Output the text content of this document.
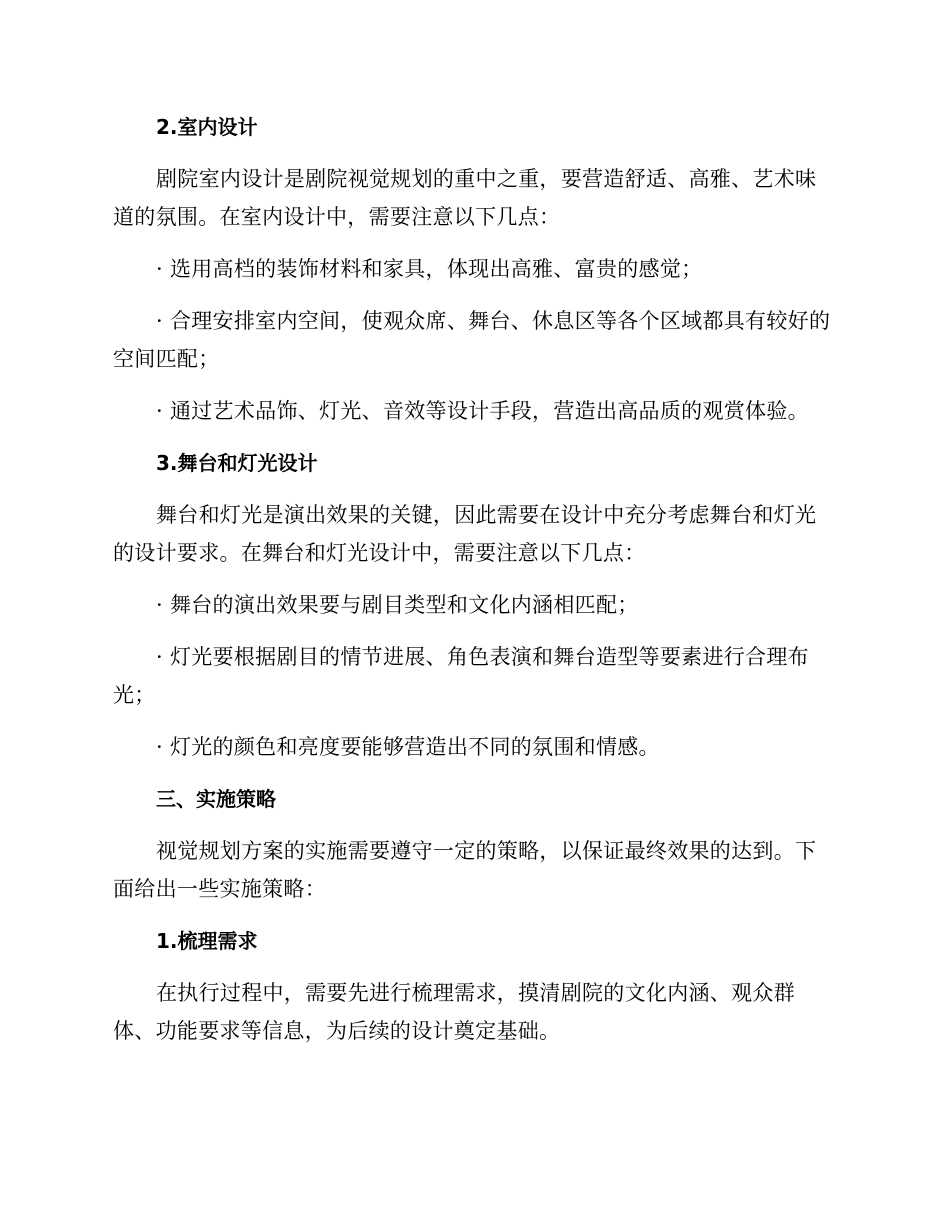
2.室内设计
剧院室内设计是剧院视觉规划的重中之重，要营造舒适、高雅、艺术味道的氛围。在室内设计中，需要注意以下几点：
· 选用高档的装饰材料和家具，体现出高雅、富贵的感觉；
· 合理安排室内空间，使观众席、舞台、休息区等各个区域都具有较好的空间匹配；
· 通过艺术品饰、灯光、音效等设计手段，营造出高品质的观赏体验。
3.舞台和灯光设计
舞台和灯光是演出效果的关键，因此需要在设计中充分考虑舞台和灯光的设计要求。在舞台和灯光设计中，需要注意以下几点：
· 舞台的演出效果要与剧目类型和文化内涵相匹配；
· 灯光要根据剧目的情节进展、角色表演和舞台造型等要素进行合理布光；
· 灯光的颜色和亮度要能够营造出不同的氛围和情感。
三、实施策略
视觉规划方案的实施需要遵守一定的策略，以保证最终效果的达到。下面给出一些实施策略：
1.梳理需求
在执行过程中，需要先进行梳理需求，摸清剧院的文化内涵、观众群体、功能要求等信息，为后续的设计奠定基础。
